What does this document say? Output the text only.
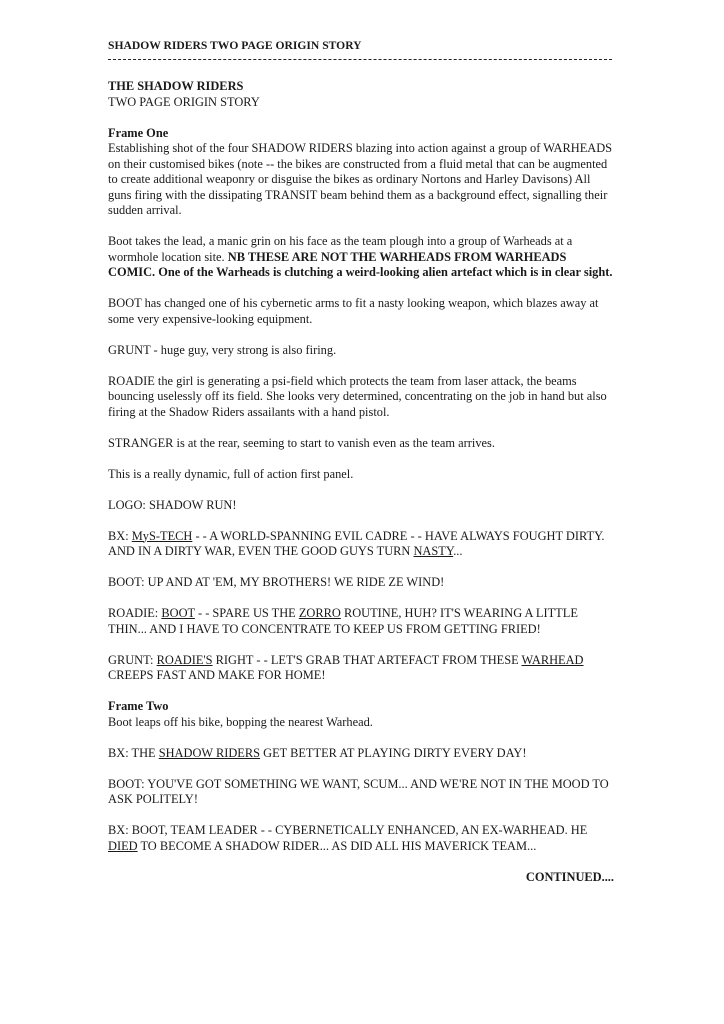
SHADOW RIDERS TWO PAGE ORIGIN STORY

THE SHADOW RIDERS

TWO PAGE ORIGIN STORY

Frame One

Establishing shot of the four SHADOW RIDERS blazing into action against a group of WARHEADS on their customised bikes (note -- the bikes are constructed from a fluid metal that can be augmented to create additional weaponry or disguise the bikes as ordinary Nortons and Harley Davisons) All guns firing with the dissipating TRANSIT beam behind them as a background effect, signalling their sudden arrival.

Boot takes the lead, a manic grin on his face as the team plough into a group of Warheads at a wormhole location site. NB THESE ARE NOT THE WARHEADS FROM WARHEADS COMIC. One of the Warheads is clutching a weird-looking alien artefact which is in clear sight.

BOOT has changed one of his cybernetic arms to fit a nasty looking weapon, which blazes away at some very expensive-looking equipment.

GRUNT - huge guy, very strong is also firing.

ROADIE the girl is generating a psi-field which protects the team from laser attack, the beams bouncing uselessly off its field. She looks very determined, concentrating on the job in hand but also firing at the Shadow Riders assailants with a hand pistol.

STRANGER is at the rear, seeming to start to vanish even as the team arrives.

This is a really dynamic, full of action first panel.

LOGO: SHADOW RUN!

BX: MyS-TECH - - A WORLD-SPANNING EVIL CADRE - - HAVE ALWAYS FOUGHT DIRTY. AND IN A DIRTY WAR, EVEN THE GOOD GUYS TURN NASTY...

BOOT: UP AND AT 'EM, MY BROTHERS! WE RIDE ZE WIND!

ROADIE: BOOT - - SPARE US THE ZORRO ROUTINE, HUH? IT'S WEARING A LITTLE THIN... AND I HAVE TO CONCENTRATE TO KEEP US FROM GETTING FRIED!

GRUNT: ROADIE'S RIGHT - - LET'S GRAB THAT ARTEFACT FROM THESE WARHEAD CREEPS FAST AND MAKE FOR HOME!

Frame Two

Boot leaps off his bike, bopping the nearest Warhead.

BX: THE SHADOW RIDERS GET BETTER AT PLAYING DIRTY EVERY DAY!

BOOT: YOU'VE GOT SOMETHING WE WANT, SCUM... AND WE'RE NOT IN THE MOOD TO ASK POLITELY!

BX: BOOT, TEAM LEADER - - CYBERNETICALLY ENHANCED, AN EX-WARHEAD. HE DIED TO BECOME A SHADOW RIDER... AS DID ALL HIS MAVERICK TEAM...

CONTINUED....
